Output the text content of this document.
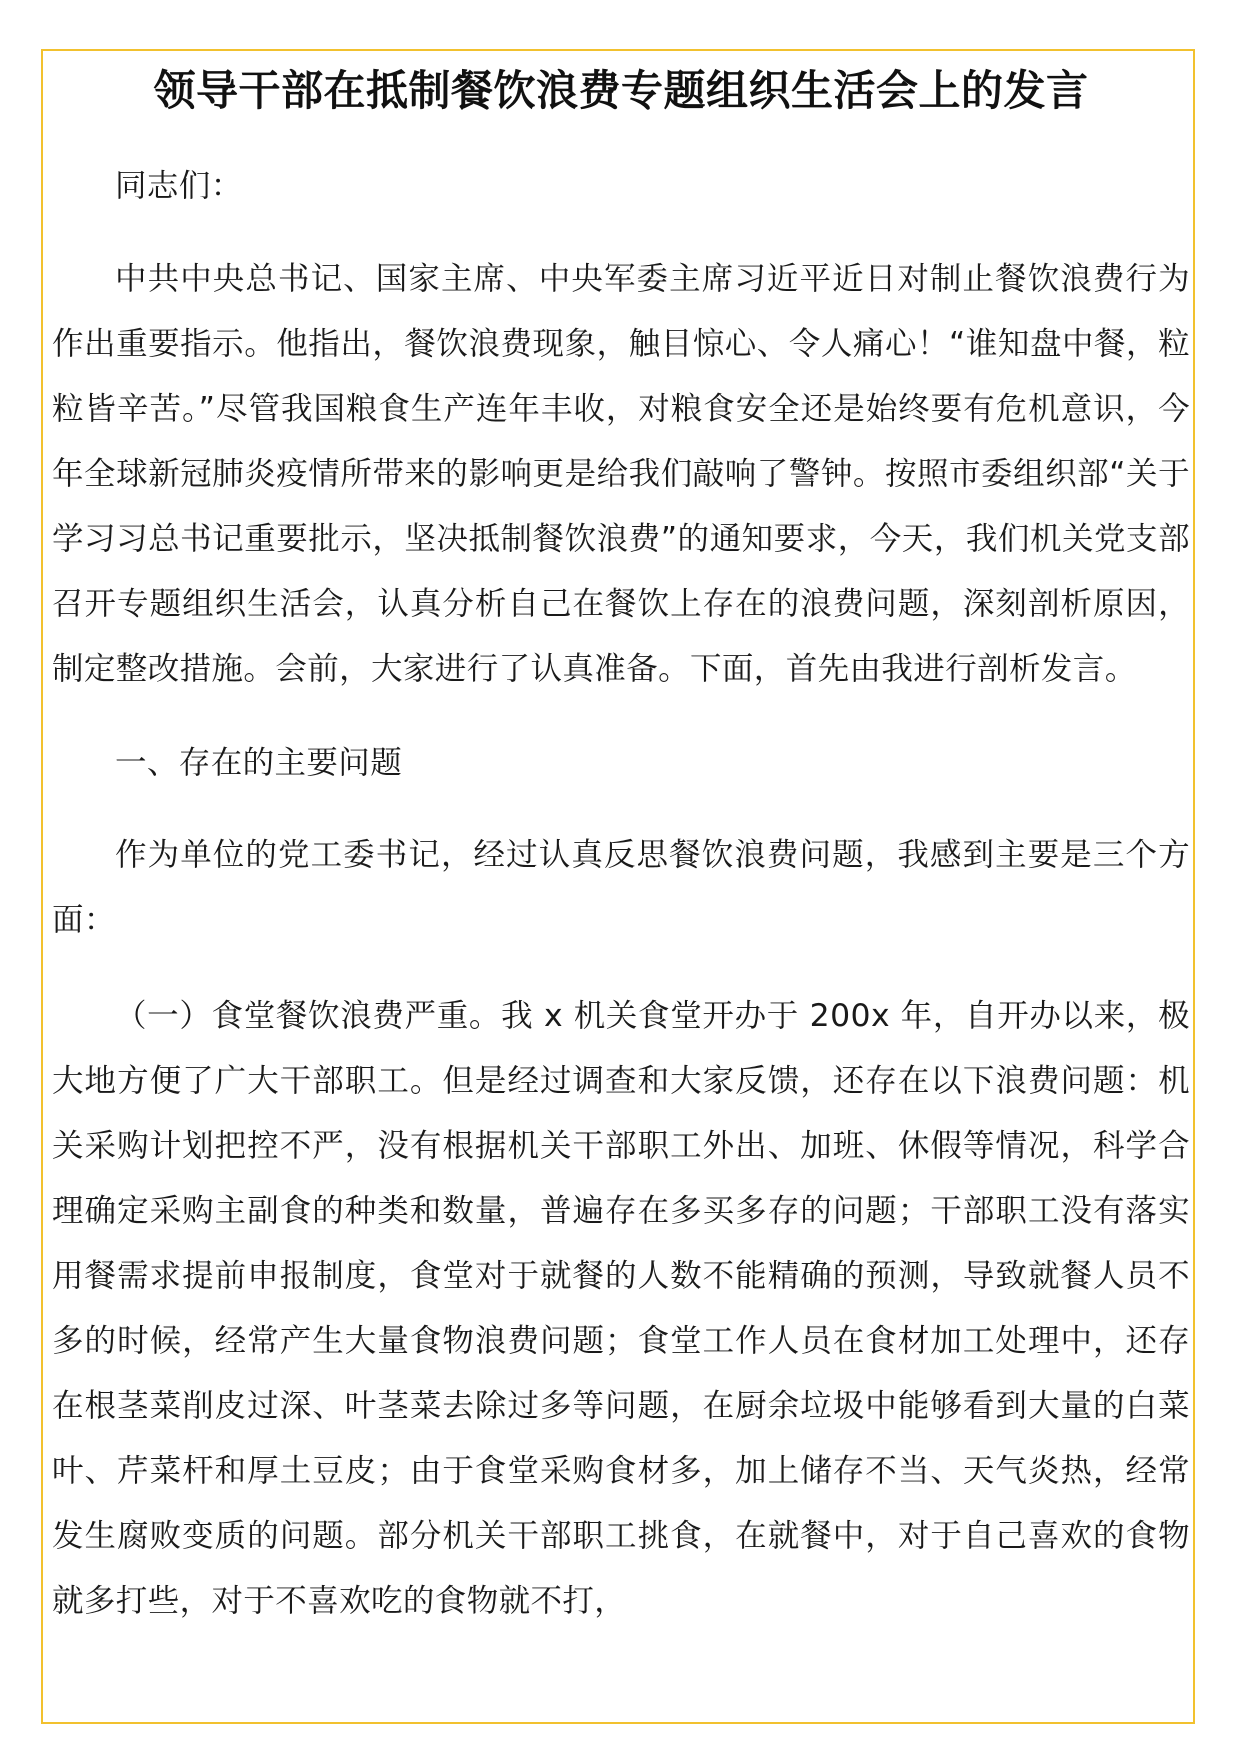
领导干部在抵制餐饮浪费专题组织生活会上的发言

同志们：

中共中央总书记、国家主席、中央军委主席习近平近日对制止餐饮浪费行为作出重要指示。他指出，餐饮浪费现象，触目惊心、令人痛心！“谁知盘中餐，粒粒皆辛苦。”尽管我国粮食生产连年丰收，对粮食安全还是始终要有危机意识，今年全球新冠肺炎疫情所带来的影响更是给我们敲响了警钟。按照市委组织部“关于学习习总书记重要批示，坚决抵制餐饮浪费”的通知要求，今天，我们机关党支部召开专题组织生活会，认真分析自己在餐饮上存在的浪费问题，深刻剖析原因，制定整改措施。会前，大家进行了认真准备。下面，首先由我进行剖析发言。

一、存在的主要问题

作为单位的党工委书记，经过认真反思餐饮浪费问题，我感到主要是三个方面：

（一）食堂餐饮浪费严重。我 x 机关食堂开办于 200x 年，自开办以来，极大地方便了广大干部职工。但是经过调查和大家反馈，还存在以下浪费问题：机关采购计划把控不严，没有根据机关干部职工外出、加班、休假等情况，科学合理确定采购主副食的种类和数量，普遍存在多买多存的问题；干部职工没有落实用餐需求提前申报制度，食堂对于就餐的人数不能精确的预测，导致就餐人员不多的时候，经常产生大量食物浪费问题；食堂工作人员在食材加工处理中，还存在根茎菜削皮过深、叶茎菜去除过多等问题，在厨余垃圾中能够看到大量的白菜叶、芹菜杆和厚土豆皮；由于食堂采购食材多，加上储存不当、天气炎热，经常发生腐败变质的问题。部分机关干部职工挑食，在就餐中，对于自己喜欢的食物就多打些，对于不喜欢吃的食物就不打，
